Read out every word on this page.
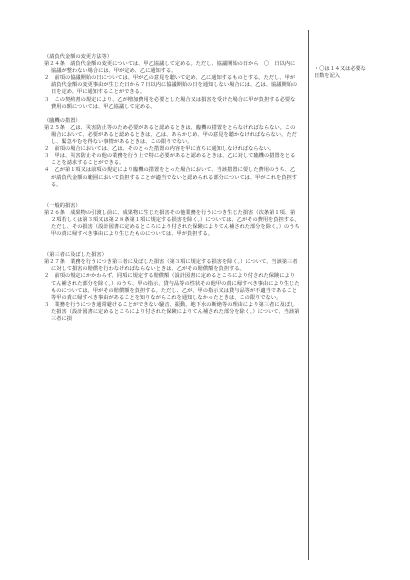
（請負代金額の変更方法等）

第２４条　請負代金額の変更については、甲乙協議して定める。ただし、協議開始の日から　〇　日以内に協議が整わない場合には、甲が定め、乙に通知する。

２　前項の協議開始の日については、甲が乙の意見を聴いて定め、乙に通知するものとする。ただし、甲が請負代金額の変更事由が生じた日から７日以内に協議開始の日を通知しない場合には、乙は、協議開始の日を定め、甲に通知することができる。

３　この契約書の規定により、乙が増加費用を必要とした場合又は損害を受けた場合に甲が負担する必要な費用の額については、甲乙協議して定める。

（臨機の措置）

第２５条　乙は、災害防止等のため必要があると認めるときは、臨機の措置をとらなければならない。この場合において、必要があると認めるときは、乙は、あらかじめ、甲の意見を聴かなければならない。ただし、緊急やむを得ない事情があるときは、この限りでない。

２　前項の場合においては、乙は、そのとった措置の内容を甲に直ちに通知しなければならない。

３　甲は、災害防止その他の業務を行う上で特に必要があると認めるときは、乙に対して臨機の措置をとることを請求することができる。

４　乙が第１項又は前項の規定により臨機の措置をとった場合において、当該措置に要した費用のうち、乙が請負代金額の範囲において負担することが適当でないと認められる部分については、甲がこれを負担する。

（一般的損害）

第２６条　成果物の引渡し前に、成果物に生じた損害その他業務を行うにつき生じた損害（次条第１項、第２項若しくは第３項又は第２８条第１項に規定する損害を除く。）については、乙がその費用を負担する。ただし、その損害（設計図書に定めるところにより付された保険によりてん補された部分を除く。）のうち甲の責に帰すべき事由により生じたものについては、甲が負担する。

（第三者に及ぼした損害）

第２７条　業務を行うにつき第三者に及ぼした損害（第３項に規定する損害を除く。）について、当該第三者に対して損害の賠償を行わなければならないときは、乙がその賠償額を負担する。

２　前項の規定にかかわらず、同項に規定する賠償額（設計図書に定めるところにより付された保険によりてん補された部分を除く。）のうち、甲の指示、貸与品等の性状その他甲の責に帰すべき事由により生じたものについては、甲がその賠償額を負担する。ただし、乙が、甲の指示又は貸与品等が不適当であること等甲の責に帰すべき事由があることを知りながらこれを通知しなかったときは、この限りでない。

３　業務を行うにつき通常避けることができない騒音、振動、地下水の断絶等の理由により第三者に及ぼした損害（設計図書に定めるところにより付された保険によりてん補された部分を除く。）について、当該第三者に損

・〇は１４又は必要な日数を記入
